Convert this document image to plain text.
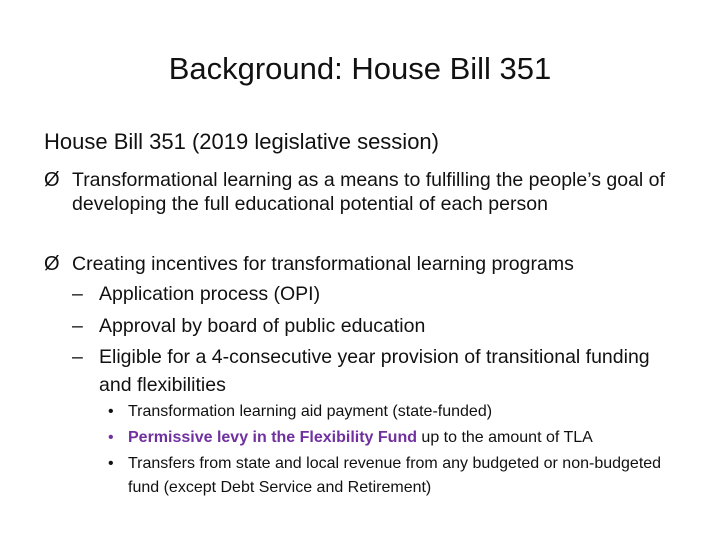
Background: House Bill 351
House Bill 351 (2019 legislative session)
Ø Transformational learning as a means to fulfilling the people’s goal of developing the full educational potential of each person
Ø Creating incentives for transformational learning programs
– Application process (OPI)
– Approval by board of public education
– Eligible for a 4-consecutive year provision of transitional funding and flexibilities
• Transformation learning aid payment (state-funded)
• Permissive levy in the Flexibility Fund up to the amount of TLA
• Transfers from state and local revenue from any budgeted or non-budgeted fund (except Debt Service and Retirement)
